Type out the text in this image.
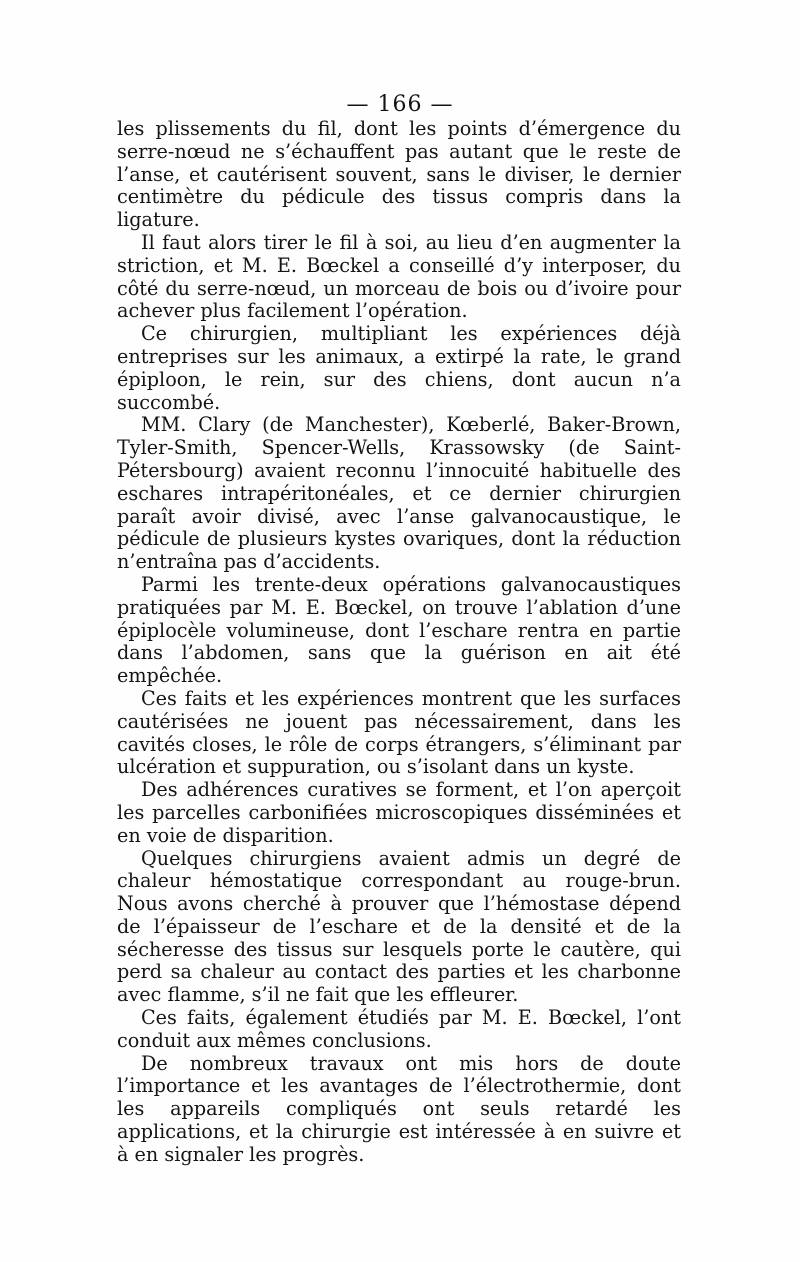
— 166 —

les plissements du fil, dont les points d’émergence du serre-nœud ne s’échauffent pas autant que le reste de l’anse, et cautérisent souvent, sans le diviser, le dernier centimètre du pédicule des tissus compris dans la ligature.

Il faut alors tirer le fil à soi, au lieu d’en augmenter la striction, et M. E. Bœckel a conseillé d’y interposer, du côté du serre-nœud, un morceau de bois ou d’ivoire pour achever plus facilement l’opération.

Ce chirurgien, multipliant les expériences déjà entreprises sur les animaux, a extirpé la rate, le grand épiploon, le rein, sur des chiens, dont aucun n’a succombé.

MM. Clary (de Manchester), Kœberlé, Baker-Brown, Tyler-Smith, Spencer-Wells, Krassowsky (de Saint-Pétersbourg) avaient reconnu l’innocuité habituelle des eschares intrapéritonéales, et ce dernier chirurgien paraît avoir divisé, avec l’anse galvanocaustique, le pédicule de plusieurs kystes ovariques, dont la réduction n’entraîna pas d’accidents.

Parmi les trente-deux opérations galvanocaustiques pratiquées par M. E. Bœckel, on trouve l’ablation d’une épiplocèle volumineuse, dont l’eschare rentra en partie dans l’abdomen, sans que la guérison en ait été empêchée.

Ces faits et les expériences montrent que les surfaces cautérisées ne jouent pas nécessairement, dans les cavités closes, le rôle de corps étrangers, s’éliminant par ulcération et suppuration, ou s’isolant dans un kyste.

Des adhérences curatives se forment, et l’on aperçoit les parcelles carbonifiées microscopiques disséminées et en voie de disparition.

Quelques chirurgiens avaient admis un degré de chaleur hémostatique correspondant au rouge-brun. Nous avons cherché à prouver que l’hémostase dépend de l’épaisseur de l’eschare et de la densité et de la sécheresse des tissus sur lesquels porte le cautère, qui perd sa chaleur au contact des parties et les charbonne avec flamme, s’il ne fait que les effleurer.

Ces faits, également étudiés par M. E. Bœckel, l’ont conduit aux mêmes conclusions.

De nombreux travaux ont mis hors de doute l’importance et les avantages de l’électrothermie, dont les appareils compliqués ont seuls retardé les applications, et la chirurgie est intéressée à en suivre et à en signaler les progrès.
